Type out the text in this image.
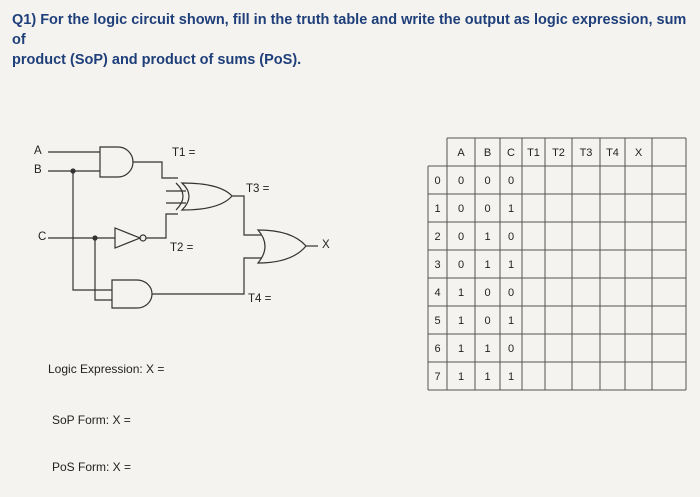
Q1) For the logic circuit shown, fill in the truth table and write the output as logic expression, sum of
product (SoP) and product of sums (PoS).
A
B
C
X
T1 =
T2 =
T3 =
T4 =
Logic Expression: X =
SoP Form: X =
PoS Form: X =
A B C T1 T2 T3 T4 X
0 0 0 0
1 0 0 1
2 0 1 0
3 0 1 1
4 1 0 0
5 1 0 1
6 1 1 0
7 1 1 1
